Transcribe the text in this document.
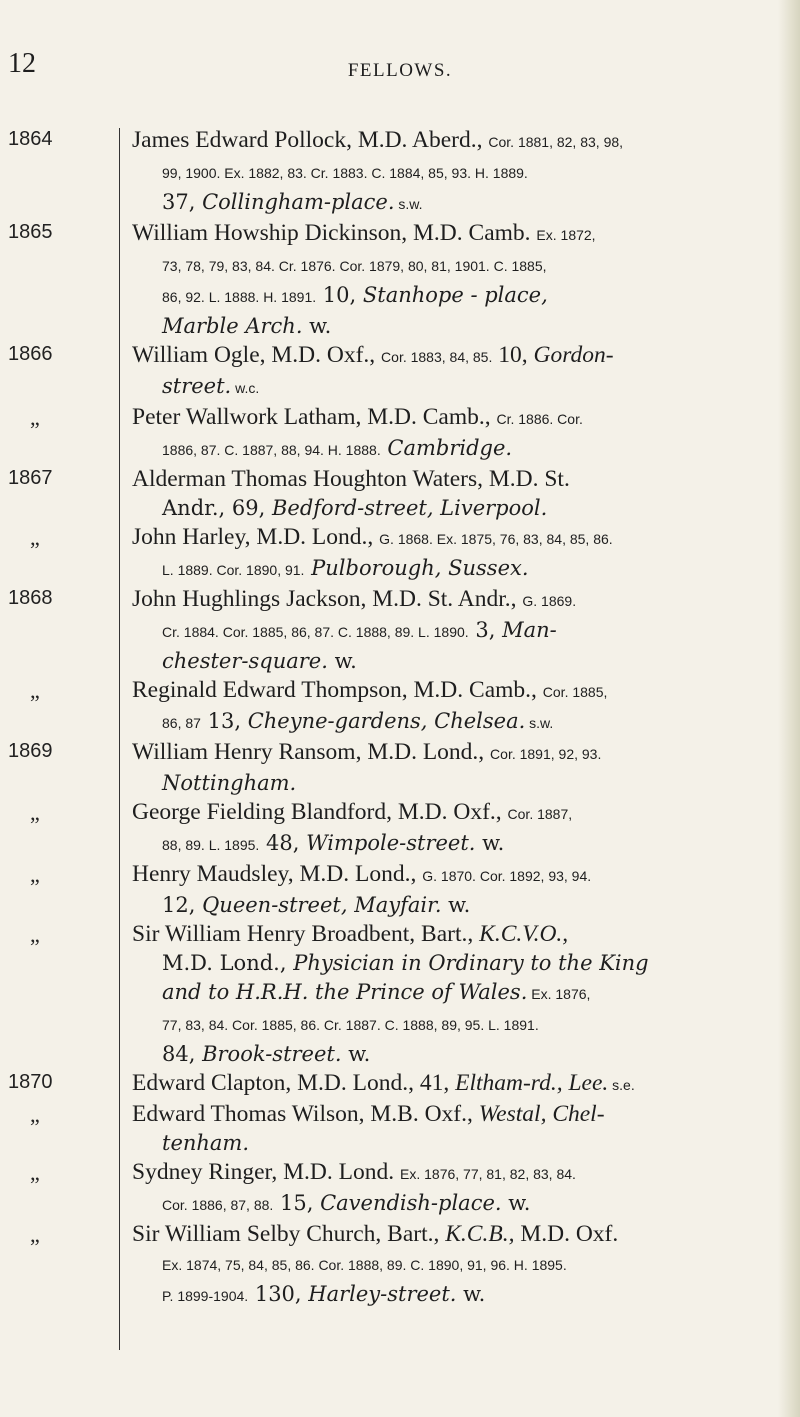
12	FELLOWS.
1864	James Edward Pollock, M.D. Aberd., Cor. 1881, 82, 83, 98,
99, 1900. Ex. 1882, 83. Cr. 1883. C. 1884, 85, 93. H. 1889.
37, Collingham-place. s.w.
1865	William Howship Dickinson, M.D. Camb. Ex. 1872,
73, 78, 79, 83, 84. Cr. 1876. Cor. 1879, 80, 81, 1901. C. 1885,
86, 92. L. 1888. H. 1891. 10, Stanhope - place,
Marble Arch. w.
1866	William Ogle, M.D. Oxf., Cor. 1883, 84, 85. 10, Gordon-
street. w.c.
„	Peter Wallwork Latham, M.D. Camb., Cr. 1886. Cor.
1886, 87. C. 1887, 88, 94. H. 1888. Cambridge.
1867	Alderman Thomas Houghton Waters, M.D. St.
Andr., 69, Bedford-street, Liverpool.
„	John Harley, M.D. Lond., G. 1868. Ex. 1875, 76, 83, 84, 85, 86.
L. 1889. Cor. 1890, 91. Pulborough, Sussex.
1868	John Hughlings Jackson, M.D. St. Andr., G. 1869.
Cr. 1884. Cor. 1885, 86, 87. C. 1888, 89. L. 1890. 3, Man-
chester-square. w.
„	Reginald Edward Thompson, M.D. Camb., Cor. 1885,
86, 87 13, Cheyne-gardens, Chelsea. s.w.
1869	William Henry Ransom, M.D. Lond., Cor. 1891, 92, 93.
Nottingham.
„	George Fielding Blandford, M.D. Oxf., Cor. 1887,
88, 89. L. 1895. 48, Wimpole-street. w.
„	Henry Maudsley, M.D. Lond., G. 1870. Cor. 1892, 93, 94.
12, Queen-street, Mayfair. w.
„	Sir William Henry Broadbent, Bart., K.C.V.O.,
M.D. Lond., Physician in Ordinary to the King
and to H.R.H. the Prince of Wales. Ex. 1876,
77, 83, 84. Cor. 1885, 86. Cr. 1887. C. 1888, 89, 95. L. 1891.
84, Brook-street. w.
1870	Edward Clapton, M.D. Lond., 41, Eltham-rd., Lee. s.e.
„	Edward Thomas Wilson, M.B. Oxf., Westal, Chel-
tenham.
„	Sydney Ringer, M.D. Lond. Ex. 1876, 77, 81, 82, 83, 84.
Cor. 1886, 87, 88. 15, Cavendish-place. w.
„	Sir William Selby Church, Bart., K.C.B., M.D. Oxf.
Ex. 1874, 75, 84, 85, 86. Cor. 1888, 89. C. 1890, 91, 96. H. 1895.
P. 1899-1904. 130, Harley-street. w.
